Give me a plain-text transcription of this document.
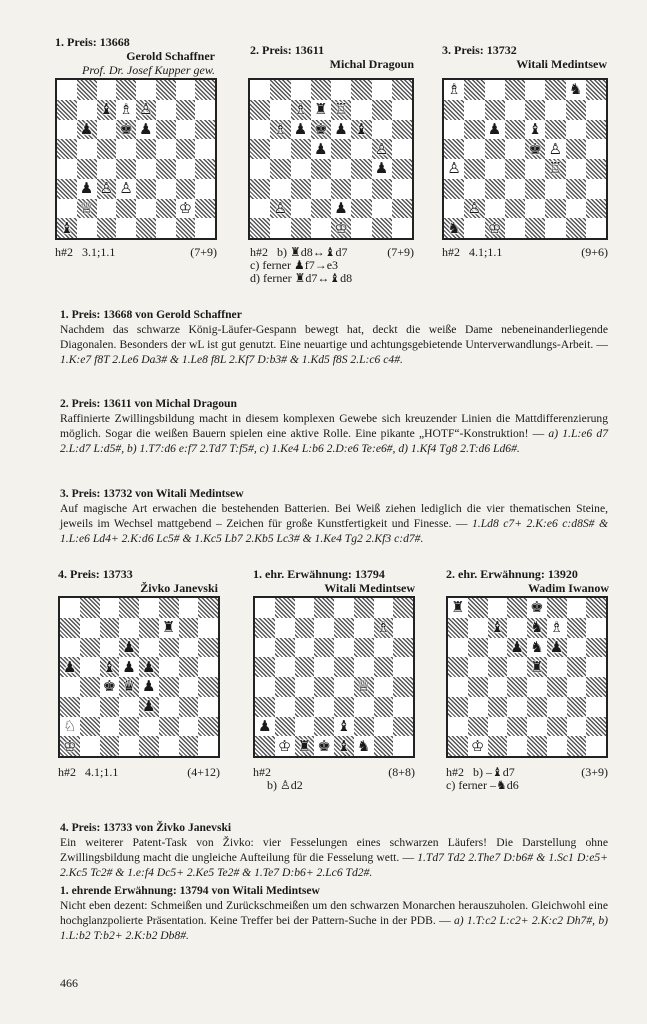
1. Preis: 13668
Gerold Schaffner
Prof. Dr. Josef Kupper gew.
2. Preis: 13611
Michal Dragoun
3. Preis: 13732
Witali Medintsew
4. Preis: 13733
Živko Janevski
1. ehr. Erwähnung: 13794
Witali Medintsew
2. ehr. Erwähnung: 13920
Wadim Iwanow
♝ ♗ ♙
♟ ♚ ♟
♟ ♙ ♙
♕	♔
♝
♗ ♜ ♖
♗ ♟ ♚ ♟ ♝
♟	♙
♟
♙	♟
♔
♗	♞
♟ ♝
♚ ♙
♙	♖
♙
♞ ♔
♜
♟
♟ ♝ ♟ ♟
♚ ♛ ♟
♟
♘
♔
♗
♕
♟	♝
♔ ♜ ♚ ♝ ♞
♜	♚
♝ ♞ ♗
♟ ♞ ♟
♜
♔
h#2   3.1;1.1	(7+9)	h#2   b) ♜d8↔♝d7	(7+9)
c) ferner ♟f7→e3
d) ferner ♜d7↔♝d8
h#2   4.1;1.1	(9+6)
h#2   4.1;1.1	(4+12)	h#2	(8+8)
b) ♙d2
h#2   b) –♝d7	(3+9)
c) ferner –♞d6
1. Preis: 13668 von Gerold Schaffner
Nachdem das schwarze König-Läufer-Gespann bewegt hat, deckt die weiße Dame nebeneinanderliegende Diagonalen. Besonders der wL ist gut genutzt. Eine neuartige und achtungsgebietende Unterverwandlungs-Arbeit. — 1.K:e7 f8T 2.Le6 Da3# & 1.Le8 f8L 2.Kf7 D:b3# & 1.Kd5 f8S 2.L:c6 c4#.
2. Preis: 13611 von Michal Dragoun
Raffinierte Zwillingsbildung macht in diesem komplexen Gewebe sich kreuzender Linien die Mattdifferenzierung möglich. Sogar die weißen Bauern spielen eine aktive Rolle. Eine pikante „HOTF“-Konstruktion! — a) 1.L:e6 d7 2.L:d7 L:d5#, b) 1.T7:d6 e:f7 2.Td7 T:f5#, c) 1.Ke4 L:b6 2.D:e6 Te:e6#, d) 1.Kf4 Tg8 2.T:d6 Ld6#.
3. Preis: 13732 von Witali Medintsew
Auf magische Art erwachen die bestehenden Batterien. Bei Weiß ziehen lediglich die vier thematischen Steine, jeweils im Wechsel mattgebend – Zeichen für große Kunstfertigkeit und Finesse. — 1.Ld8 c7+ 2.K:e6 c:d8S# & 1.L:e6 Ld4+ 2.K:d6 Lc5# & 1.Kc5 Lb7 2.Kb5 Lc3# & 1.Ke4 Tg2 2.Kf3 c:d7#.
4. Preis: 13733 von Živko Janevski
Ein weiterer Patent-Task von Živko: vier Fesselungen eines schwarzen Läufers! Die Darstellung ohne Zwillingsbildung macht die ungleiche Aufteilung für die Fesselung wett. — 1.Td7 Td2 2.The7 D:b6# & 1.Sc1 D:e5+ 2.Kc5 Tc2# & 1.e:f4 Dc5+ 2.Ke5 Te2# & 1.Te7 D:b6+ 2.Lc6 Td2#.
1. ehrende Erwähnung: 13794 von Witali Medintsew
Nicht eben dezent: Schmeißen und Zurückschmeißen um den schwarzen Monarchen herauszuholen. Gleichwohl eine hochglanzpolierte Präsentation. Keine Treffer bei der Pattern-Suche in der PDB. — a) 1.T:c2 L:c2+ 2.K:c2 Dh7#, b) 1.L:b2 T:b2+ 2.K:b2 Db8#.
466
